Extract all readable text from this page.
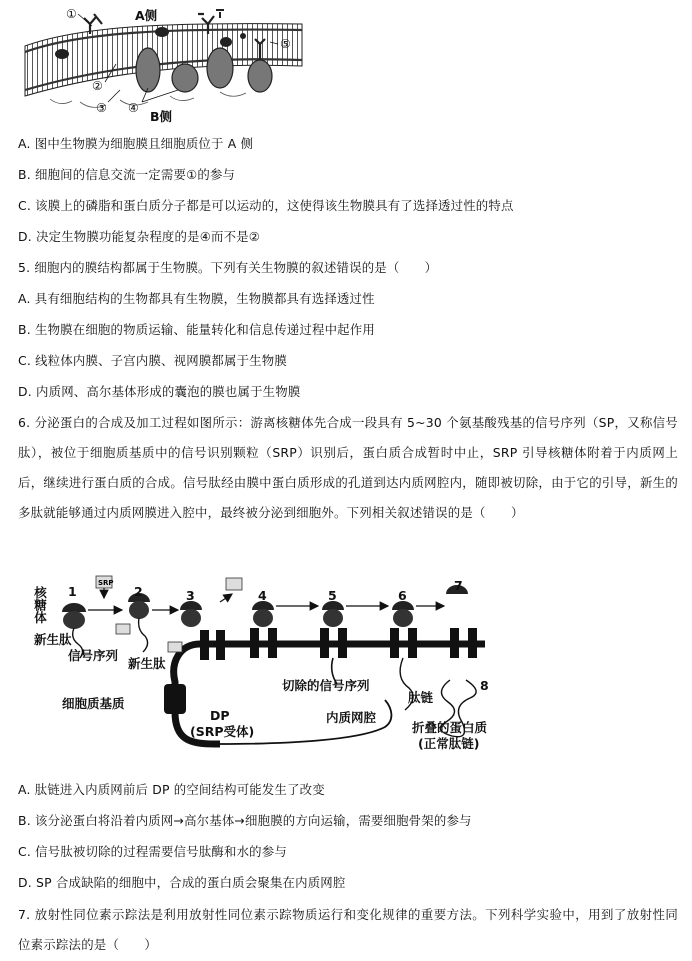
①	A侧
⑤
②
③ ④
B侧
A. 图中生物膜为细胞膜且细胞质位于 A 侧
B. 细胞间的信息交流一定需要①的参与
C. 该膜上的磷脂和蛋白质分子都是可以运动的，这使得该生物膜具有了选择透过性的特点
D. 决定生物膜功能复杂程度的是④而不是②
5. 细胞内的膜结构都属于生物膜。下列有关生物膜的叙述错误的是（　　）
A. 具有细胞结构的生物都具有生物膜，生物膜都具有选择透过性
B. 生物膜在细胞的物质运输、能量转化和信息传递过程中起作用
C. 线粒体内膜、子宫内膜、视网膜都属于生物膜
D. 内质网、高尔基体形成的囊泡的膜也属于生物膜
6. 分泌蛋白的合成及加工过程如图所示：游离核糖体先合成一段具有 5~30 个氨基酸残基的信号序列（SP，又称信号肽），被位于细胞质基质中的信号识别颗粒（SRP）识别后，蛋白质合成暂时中止，SRP 引导核糖体附着于内质网上后，继续进行蛋白质的合成。信号肽经由膜中蛋白质形成的孔道到达内质网腔内，随即被切除，由于它的引导，新生的多肽就能够通过内质网膜进入腔中，最终被分泌到细胞外。下列相关叙述错误的是（　　）
1	2	3	4	5	6
7
8
SRP
核糖体
新生肽
信号序列
新生肽
细胞质基质
DP
(SRP受体)
切除的信号序列
内质网腔
肽链
折叠的蛋白质
(正常肽链)
A. 肽链进入内质网前后 DP 的空间结构可能发生了改变
B. 该分泌蛋白将沿着内质网→高尔基体→细胞膜的方向运输，需要细胞骨架的参与
C. 信号肽被切除的过程需要信号肽酶和水的参与
D. SP 合成缺陷的细胞中，合成的蛋白质会聚集在内质网腔
7. 放射性同位素示踪法是利用放射性同位素示踪物质运行和变化规律的重要方法。下列科学实验中，用到了放射性同位素示踪法的是（　　）
